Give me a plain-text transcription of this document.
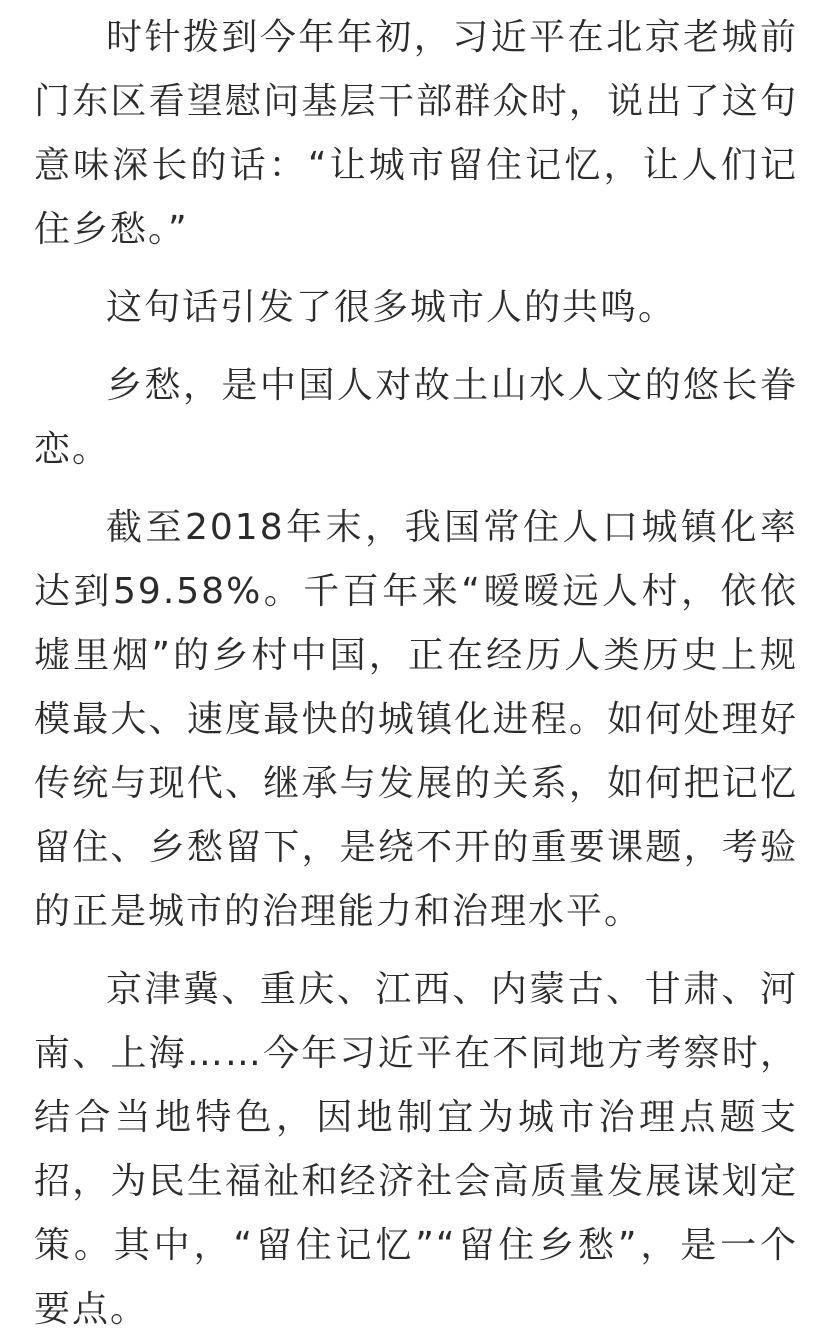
时针拨到今年年初，习近平在北京老城前门东区看望慰问基层干部群众时，说出了这句意味深长的话：“让城市留住记忆，让人们记住乡愁。”

这句话引发了很多城市人的共鸣。

乡愁，是中国人对故土山水人文的悠长眷恋。

截至2018年末，我国常住人口城镇化率达到59.58%。千百年来“暧暧远人村，依依墟里烟”的乡村中国，正在经历人类历史上规模最大、速度最快的城镇化进程。如何处理好传统与现代、继承与发展的关系，如何把记忆留住、乡愁留下，是绕不开的重要课题，考验的正是城市的治理能力和治理水平。

京津冀、重庆、江西、内蒙古、甘肃、河南、上海……今年习近平在不同地方考察时，结合当地特色，因地制宜为城市治理点题支招，为民生福祉和经济社会高质量发展谋划定策。其中，“留住记忆”“留住乡愁”，是一个要点。
